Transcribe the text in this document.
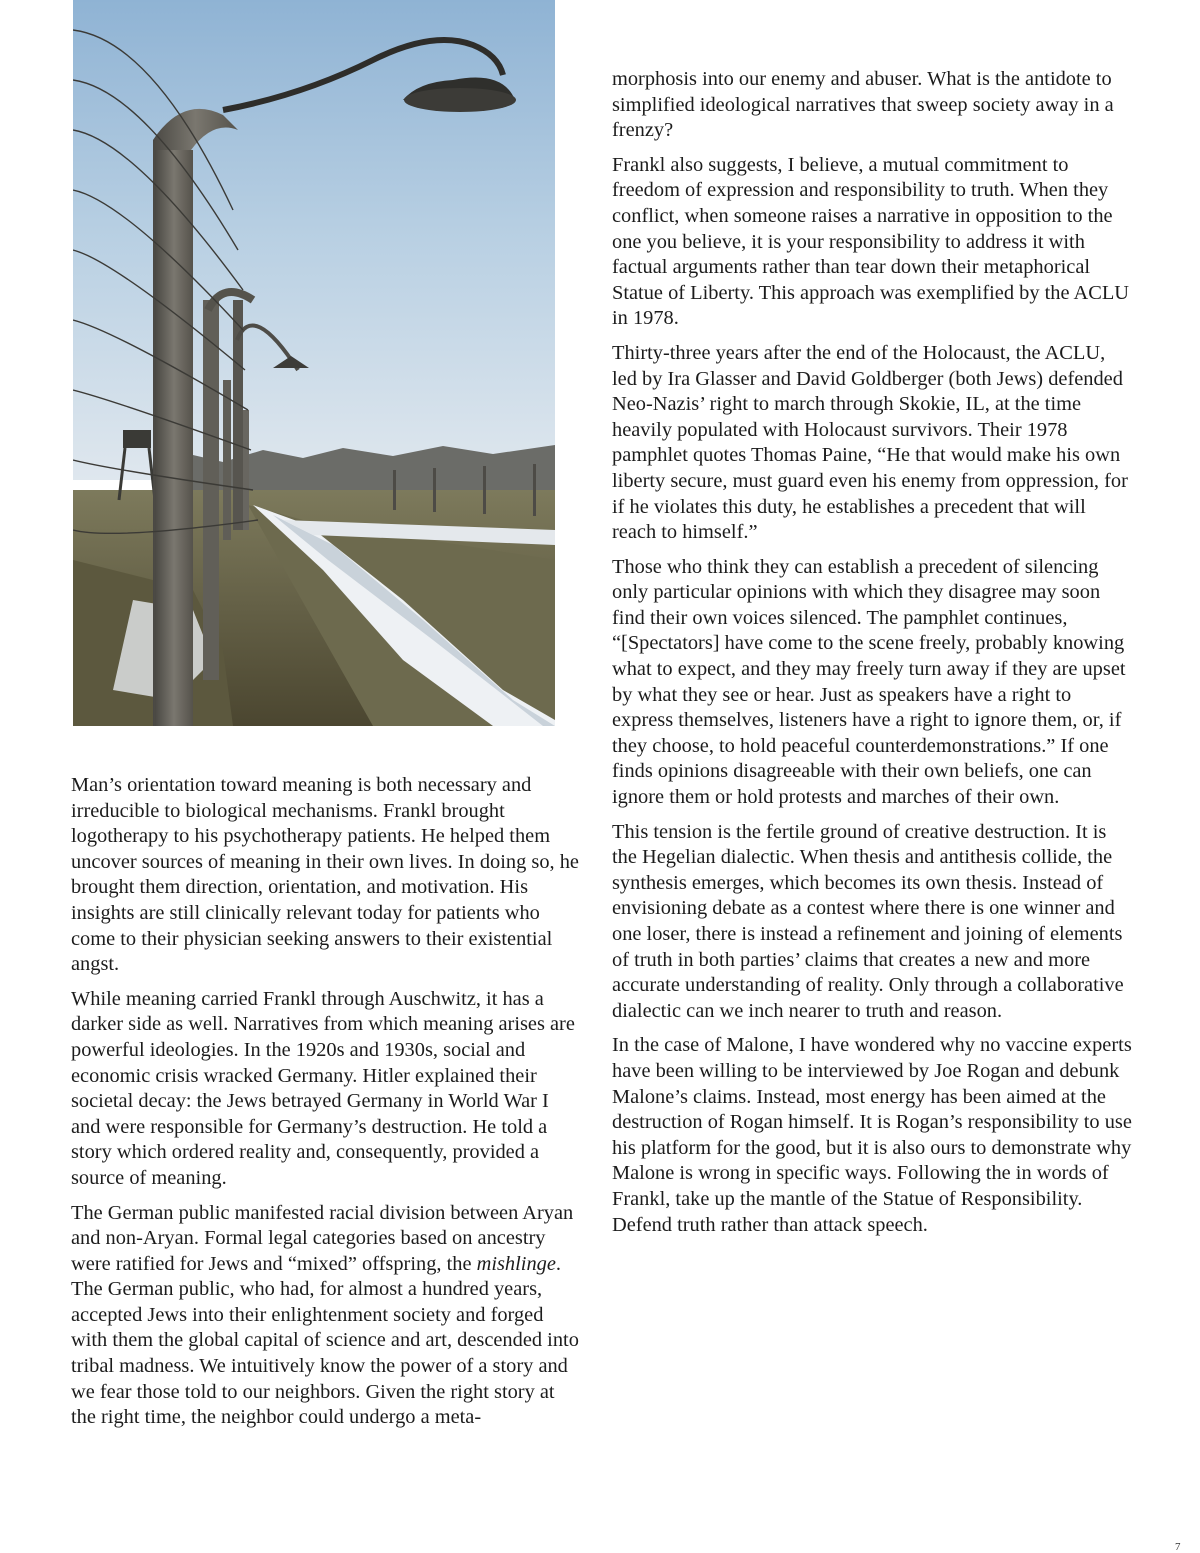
Man’s orientation toward meaning is both necessary and irreducible to biological mechanisms. Frankl brought logotherapy to his psychotherapy patients. He helped them uncover sources of meaning in their own lives. In doing so, he brought them direction, orientation, and motivation. His insights are still clinically relevant today for patients who come to their physician seeking answers to their existential angst.

While meaning carried Frankl through Auschwitz, it has a darker side as well. Narratives from which meaning arises are powerful ideologies. In the 1920s and 1930s, social and economic crisis wracked Germany. Hitler explained their societal decay: the Jews betrayed Germany in World War I and were responsible for Germany’s destruction. He told a story which ordered reality and, consequently, provided a source of meaning.

The German public manifested racial division between Aryan and non-Aryan. Formal legal categories based on ancestry were ratified for Jews and “mixed” offspring, the mishlinge. The German public, who had, for almost a hundred years, accepted Jews into their enlightenment society and forged with them the global capital of science and art, descended into tribal madness. We intuitively know the power of a story and we fear those told to our neighbors. Given the right story at the right time, the neighbor could undergo a meta-

morphosis into our enemy and abuser. What is the antidote to simplified ideological narratives that sweep society away in a frenzy?

Frankl also suggests, I believe, a mutual commitment to freedom of expression and responsibility to truth. When they conflict, when someone raises a narrative in opposition to the one you believe, it is your responsibility to address it with factual arguments rather than tear down their metaphorical Statue of Liberty. This approach was exemplified by the ACLU in 1978.

Thirty-three years after the end of the Holocaust, the ACLU, led by Ira Glasser and David Goldberger (both Jews) defended Neo-Nazis’ right to march through Skokie, IL, at the time heavily populated with Holocaust survivors. Their 1978 pamphlet quotes Thomas Paine, “He that would make his own liberty secure, must guard even his enemy from oppression, for if he violates this duty, he establishes a precedent that will reach to himself.”

Those who think they can establish a precedent of silencing only particular opinions with which they disagree may soon find their own voices silenced. The pamphlet continues, “[Spectators] have come to the scene freely, probably knowing what to expect, and they may freely turn away if they are upset by what they see or hear. Just as speakers have a right to express themselves, listeners have a right to ignore them, or, if they choose, to hold peaceful counterdemonstrations.” If one finds opinions disagreeable with their own beliefs, one can ignore them or hold protests and marches of their own.

This tension is the fertile ground of creative destruction. It is the Hegelian dialectic. When thesis and antithesis collide, the synthesis emerges, which becomes its own thesis. Instead of envisioning debate as a contest where there is one winner and one loser, there is instead a refinement and joining of elements of truth in both parties’ claims that creates a new and more accurate understanding of reality. Only through a collaborative dialectic can we inch nearer to truth and reason.

In the case of Malone, I have wondered why no vaccine experts have been willing to be interviewed by Joe Rogan and debunk Malone’s claims. Instead, most energy has been aimed at the destruction of Rogan himself. It is Rogan’s responsibility to use his platform for the good, but it is also ours to demonstrate why Malone is wrong in specific ways. Following the in words of Frankl, take up the mantle of the Statue of Responsibility. Defend truth rather than attack speech.

7
